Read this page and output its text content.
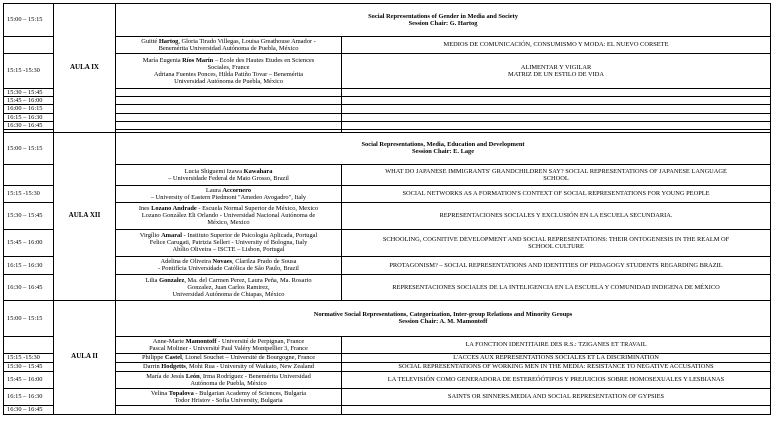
15:00 – 15:15	AULA IX	Social Representations of Gender in Media and Society
Session Chair: G. Hartog	

		Guitté Hartog, Gloria Tirado Villegas, Louisa Greathouse Amador -
Benemérita Universidad Autónoma de Puebla, México	MEDIOS DE COMUNICACIÓN, CONSUMISMO Y MODA: EL NUEVO CORSETE
15:15 -15:30		María Eugenia Ríos Marín – Ecole des Hautes Etudes en Sciences
Sociales, France
Adriana Fuentes Ponces, Hilda Patiño Tovar – Benemérita
Universidad Autónoma de Puebla, México	ALIMENTAR Y VIGILAR
MATRIZ DE UN ESTILO DE VIDA

15:30 – 15:45			
15:45 – 16:00			
16:00 – 16:15			
16:15 – 16:30			
16:30 – 16:45			

15:00 – 15:15	AULA XII	Social Representations, Media, Education and Development
Session Chair: E. Lage	

		Lucia Shiguemi Izawa Kawahara
– Universidade Federal de Mato Grosso, Brazil	WHAT DO JAPANESE IMMIGRANTS' GRANDCHILDREN SAY? SOCIAL REPRESENTATIONS OF JAPANESE LANGUAGE
SCHOOL

15:15 -15:30		Laura Accornero
– University of Eastern Piedmont "Amedeo Avogadro", Italy	SOCIAL NETWORKS AS A FORMATION'S CONTEXT OF SOCIAL REPRESENTATIONS FOR YOUNG PEOPLE
15:30 – 15:45		Ines Lozano Andrade - Escuela Normal Superior de México, Mexico
Lozano González Eli Orlando - Universidad Nacional Autónoma de
México, Mexico	REPRESENTACIONES SOCIALES Y EXCLUSIÓN EN LA ESCUELA SECUNDARIA.
15:45 – 16:00		Virgílio Amaral - Instituto Superior de Psicologia Aplicada, Portugal
Felice Carugati, Patrizia Selleri - University of Bologna, Italy
Abílio Oliveira – ISCTE – Lisbon, Portugal	SCHOOLING, COGNITIVE DEVELOPMENT AND SOCIAL REPRESENTATIONS: THEIR ONTOGENESIS IN THE REALM OF
SCHOOL CULTURE

16:15 – 16:30		Adelina de Oliveira Novaes, Clarilza Prado de Sousa
- Pontifícia Universidade Católica de São Paulo, Brazil	PROTAGONISM? – SOCIAL REPRESENTATIONS AND IDENTITIES OF PEDAGOGY STUDENTS REGARDING BRAZIL
16:30 – 16:45		Lilia Gonzalez, Ma. del Carmen Perez, Laura Peña, Ma. Rosario
Gonzalez, Juan Carlos Ramirez,
Universidad Autónoma de Chiapas, México	REPRESENTACIONES SOCIALES DE LA INTELIGENCIA EN LA ESCUELA Y COMUNIDAD INDIGENA DE MÉXICO
15:00 – 15:15	AULA II	Normative Social Representations, Categorization, Inter-group Relations and Minority Groups
Session Chair: A. M. Mamontoff	

		Anne-Marie Mamontoff - Université de Perpignan, France
Pascal Moliner - Université Paul Valéry Montpellier 3, France	LA FONCTION IDENTITAIRE DES R.S.: TZIGANES ET TRAVAIL
15:15 -15:30		Philippe Castel, Lionel Souchet – Université de Bourgogne, France	L'ACCES AUX REPRESENTATIONS SOCIALES ET LA DISCRIMINATION
15:30 – 15:45		Darrin Hodgetts, Mohi Rua - University of Waikato, New Zealand	SOCIAL REPRESENTATIONS OF WORKING MEN IN THE MEDIA: RESISTANCE TO NEGATIVE ACCUSATIONS
15:45 – 16:00		María de Jesús León, Irma Rodríguez - Benemérita Universidad
Autónoma de Puebla, México	LA TELEVISIÓN COMO GENERADORA DE ESTEREÓÓTIPOS Y PREJUICIOS SOBRE HOMOSEXUALES Y LESBIANAS
16:15 – 16:30		Velina Topalova - Bulgarian Academy of Sciences, Bulgaria
Todor Hristov - Sofia University, Bulgaria	SAINTS OR SINNERS.MEDIA AND SOCIAL REPRESENTATION OF GYPSIES
16:30 – 16:45			
